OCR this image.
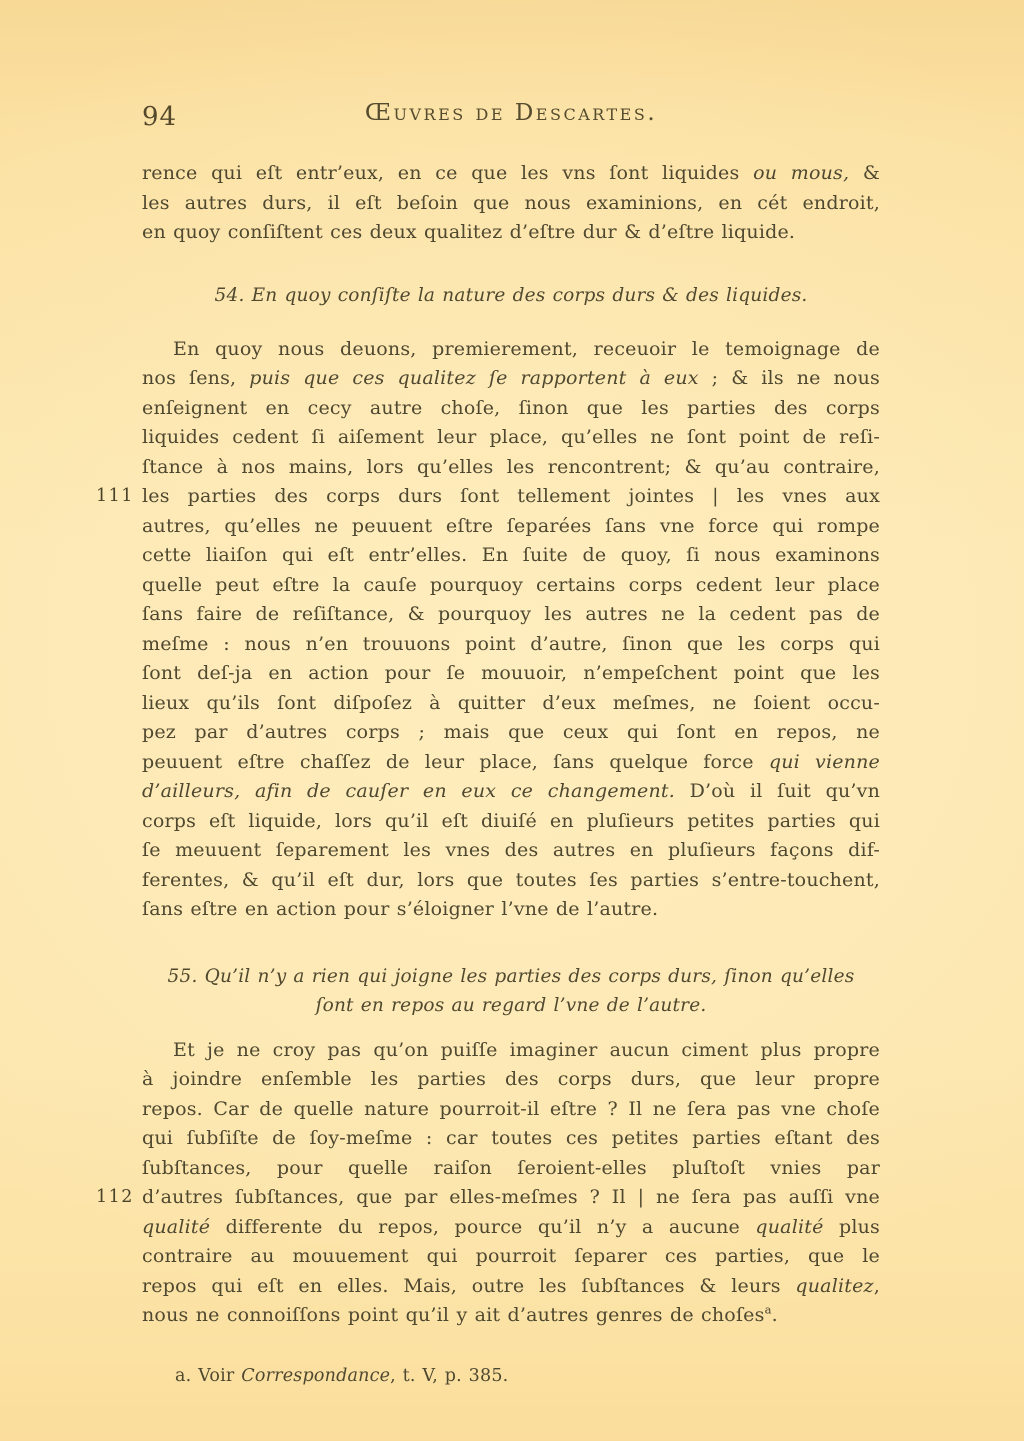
94	Œuvres de Descartes.
rence qui eſt entr’eux, en ce que les vns ſont liquides ou mous, &
les autres durs, il eſt beſoin que nous examinions, en cét endroit,
en quoy conſiſtent ces deux qualitez d’eſtre dur & d’eſtre liquide.
54. En quoy conſiſte la nature des corps durs & des liquides.
En quoy nous deuons, premierement, receuoir le temoignage de
nos ſens, puis que ces qualitez ſe rapportent à eux ; & ils ne nous
enſeignent en cecy autre choſe, ſinon que les parties des corps
liquides cedent ſi aiſement leur place, qu’elles ne ſont point de reſi-
ſtance à nos mains, lors qu’elles les rencontrent; & qu’au contraire,
111 les parties des corps durs ſont tellement jointes | les vnes aux
autres, qu’elles ne peuuent eſtre ſeparées ſans vne force qui rompe
cette liaiſon qui eſt entr’elles. En ſuite de quoy, ſi nous examinons
quelle peut eſtre la cauſe pourquoy certains corps cedent leur place
ſans faire de reſiſtance, & pourquoy les autres ne la cedent pas de
meſme : nous n’en trouuons point d’autre, ſinon que les corps qui
ſont deſ-ja en action pour ſe mouuoir, n’empeſchent point que les
lieux qu’ils ſont diſpoſez à quitter d’eux meſmes, ne ſoient occu-
pez par d’autres corps ; mais que ceux qui ſont en repos, ne
peuuent eſtre chaſſez de leur place, ſans quelque force qui vienne
d’ailleurs, afin de cauſer en eux ce changement. D’où il ſuit qu’vn
corps eſt liquide, lors qu’il eſt diuiſé en pluſieurs petites parties qui
ſe meuuent ſeparement les vnes des autres en pluſieurs façons dif-
ferentes, & qu’il eſt dur, lors que toutes ſes parties s’entre-touchent,
ſans eſtre en action pour s’éloigner l’vne de l’autre.
55. Qu’il n’y a rien qui joigne les parties des corps durs, ſinon qu’elles
ſont en repos au regard l’vne de l’autre.
Et je ne croy pas qu’on puiſſe imaginer aucun ciment plus propre
à joindre enſemble les parties des corps durs, que leur propre
repos. Car de quelle nature pourroit-il eſtre ? Il ne ſera pas vne choſe
qui ſubſiſte de ſoy-meſme : car toutes ces petites parties eſtant des
ſubſtances, pour quelle raiſon ſeroient-elles pluſtoſt vnies par
112 d’autres ſubſtances, que par elles-meſmes ? Il | ne ſera pas auſſi vne
qualité differente du repos, pource qu’il n’y a aucune qualité plus
contraire au mouuement qui pourroit ſeparer ces parties, que le
repos qui eſt en elles. Mais, outre les ſubſtances & leurs qualitez,
nous ne connoiſſons point qu’il y ait d’autres genres de choſes$^a$.
a. Voir Correspondance, t. V, p. 385.
